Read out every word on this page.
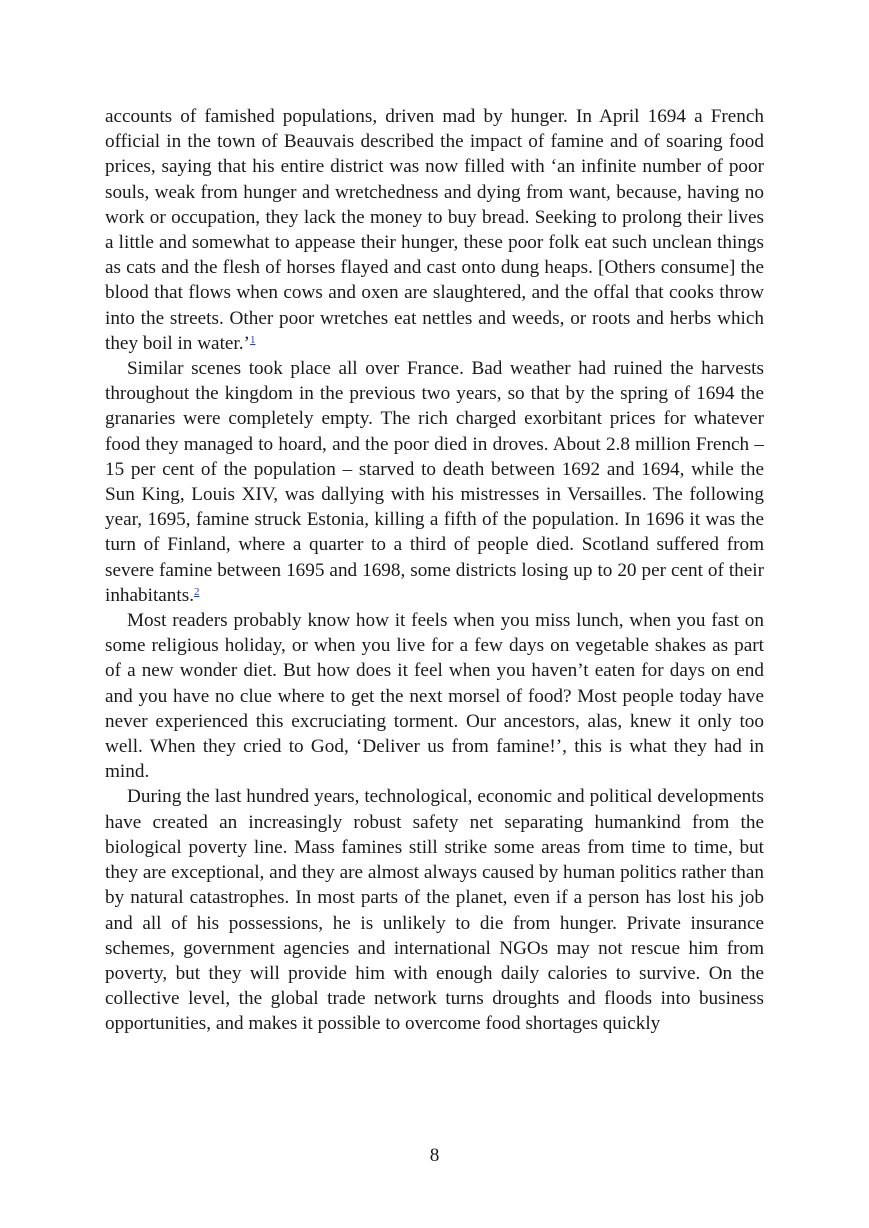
accounts of famished populations, driven mad by hunger. In April 1694 a French official in the town of Beauvais described the impact of famine and of soaring food prices, saying that his entire district was now filled with ‘an infinite number of poor souls, weak from hunger and wretchedness and dying from want, because, having no work or occupation, they lack the money to buy bread. Seeking to prolong their lives a little and somewhat to appease their hunger, these poor folk eat such unclean things as cats and the flesh of horses flayed and cast onto dung heaps. [Others consume] the blood that flows when cows and oxen are slaughtered, and the offal that cooks throw into the streets. Other poor wretches eat nettles and weeds, or roots and herbs which they boil in water.’$^1$

Similar scenes took place all over France. Bad weather had ruined the harvests throughout the kingdom in the previous two years, so that by the spring of 1694 the granaries were completely empty. The rich charged exorbitant prices for whatever food they managed to hoard, and the poor died in droves. About 2.8 million French – 15 per cent of the population – starved to death between 1692 and 1694, while the Sun King, Louis XIV, was dallying with his mistresses in Versailles. The following year, 1695, famine struck Estonia, killing a fifth of the population. In 1696 it was the turn of Finland, where a quarter to a third of people died. Scotland suffered from severe famine between 1695 and 1698, some districts losing up to 20 per cent of their inhabitants.$^2$

Most readers probably know how it feels when you miss lunch, when you fast on some religious holiday, or when you live for a few days on vegetable shakes as part of a new wonder diet. But how does it feel when you haven’t eaten for days on end and you have no clue where to get the next morsel of food? Most people today have never experienced this excruciating torment. Our ancestors, alas, knew it only too well. When they cried to God, ‘Deliver us from famine!’, this is what they had in mind.

During the last hundred years, technological, economic and political developments have created an increasingly robust safety net separating humankind from the biological poverty line. Mass famines still strike some areas from time to time, but they are exceptional, and they are almost always caused by human politics rather than by natural catastrophes. In most parts of the planet, even if a person has lost his job and all of his possessions, he is unlikely to die from hunger. Private insurance schemes, government agencies and international NGOs may not rescue him from poverty, but they will provide him with enough daily calories to survive. On the collective level, the global trade network turns droughts and floods into business opportunities, and makes it possible to overcome food shortages quickly

8
